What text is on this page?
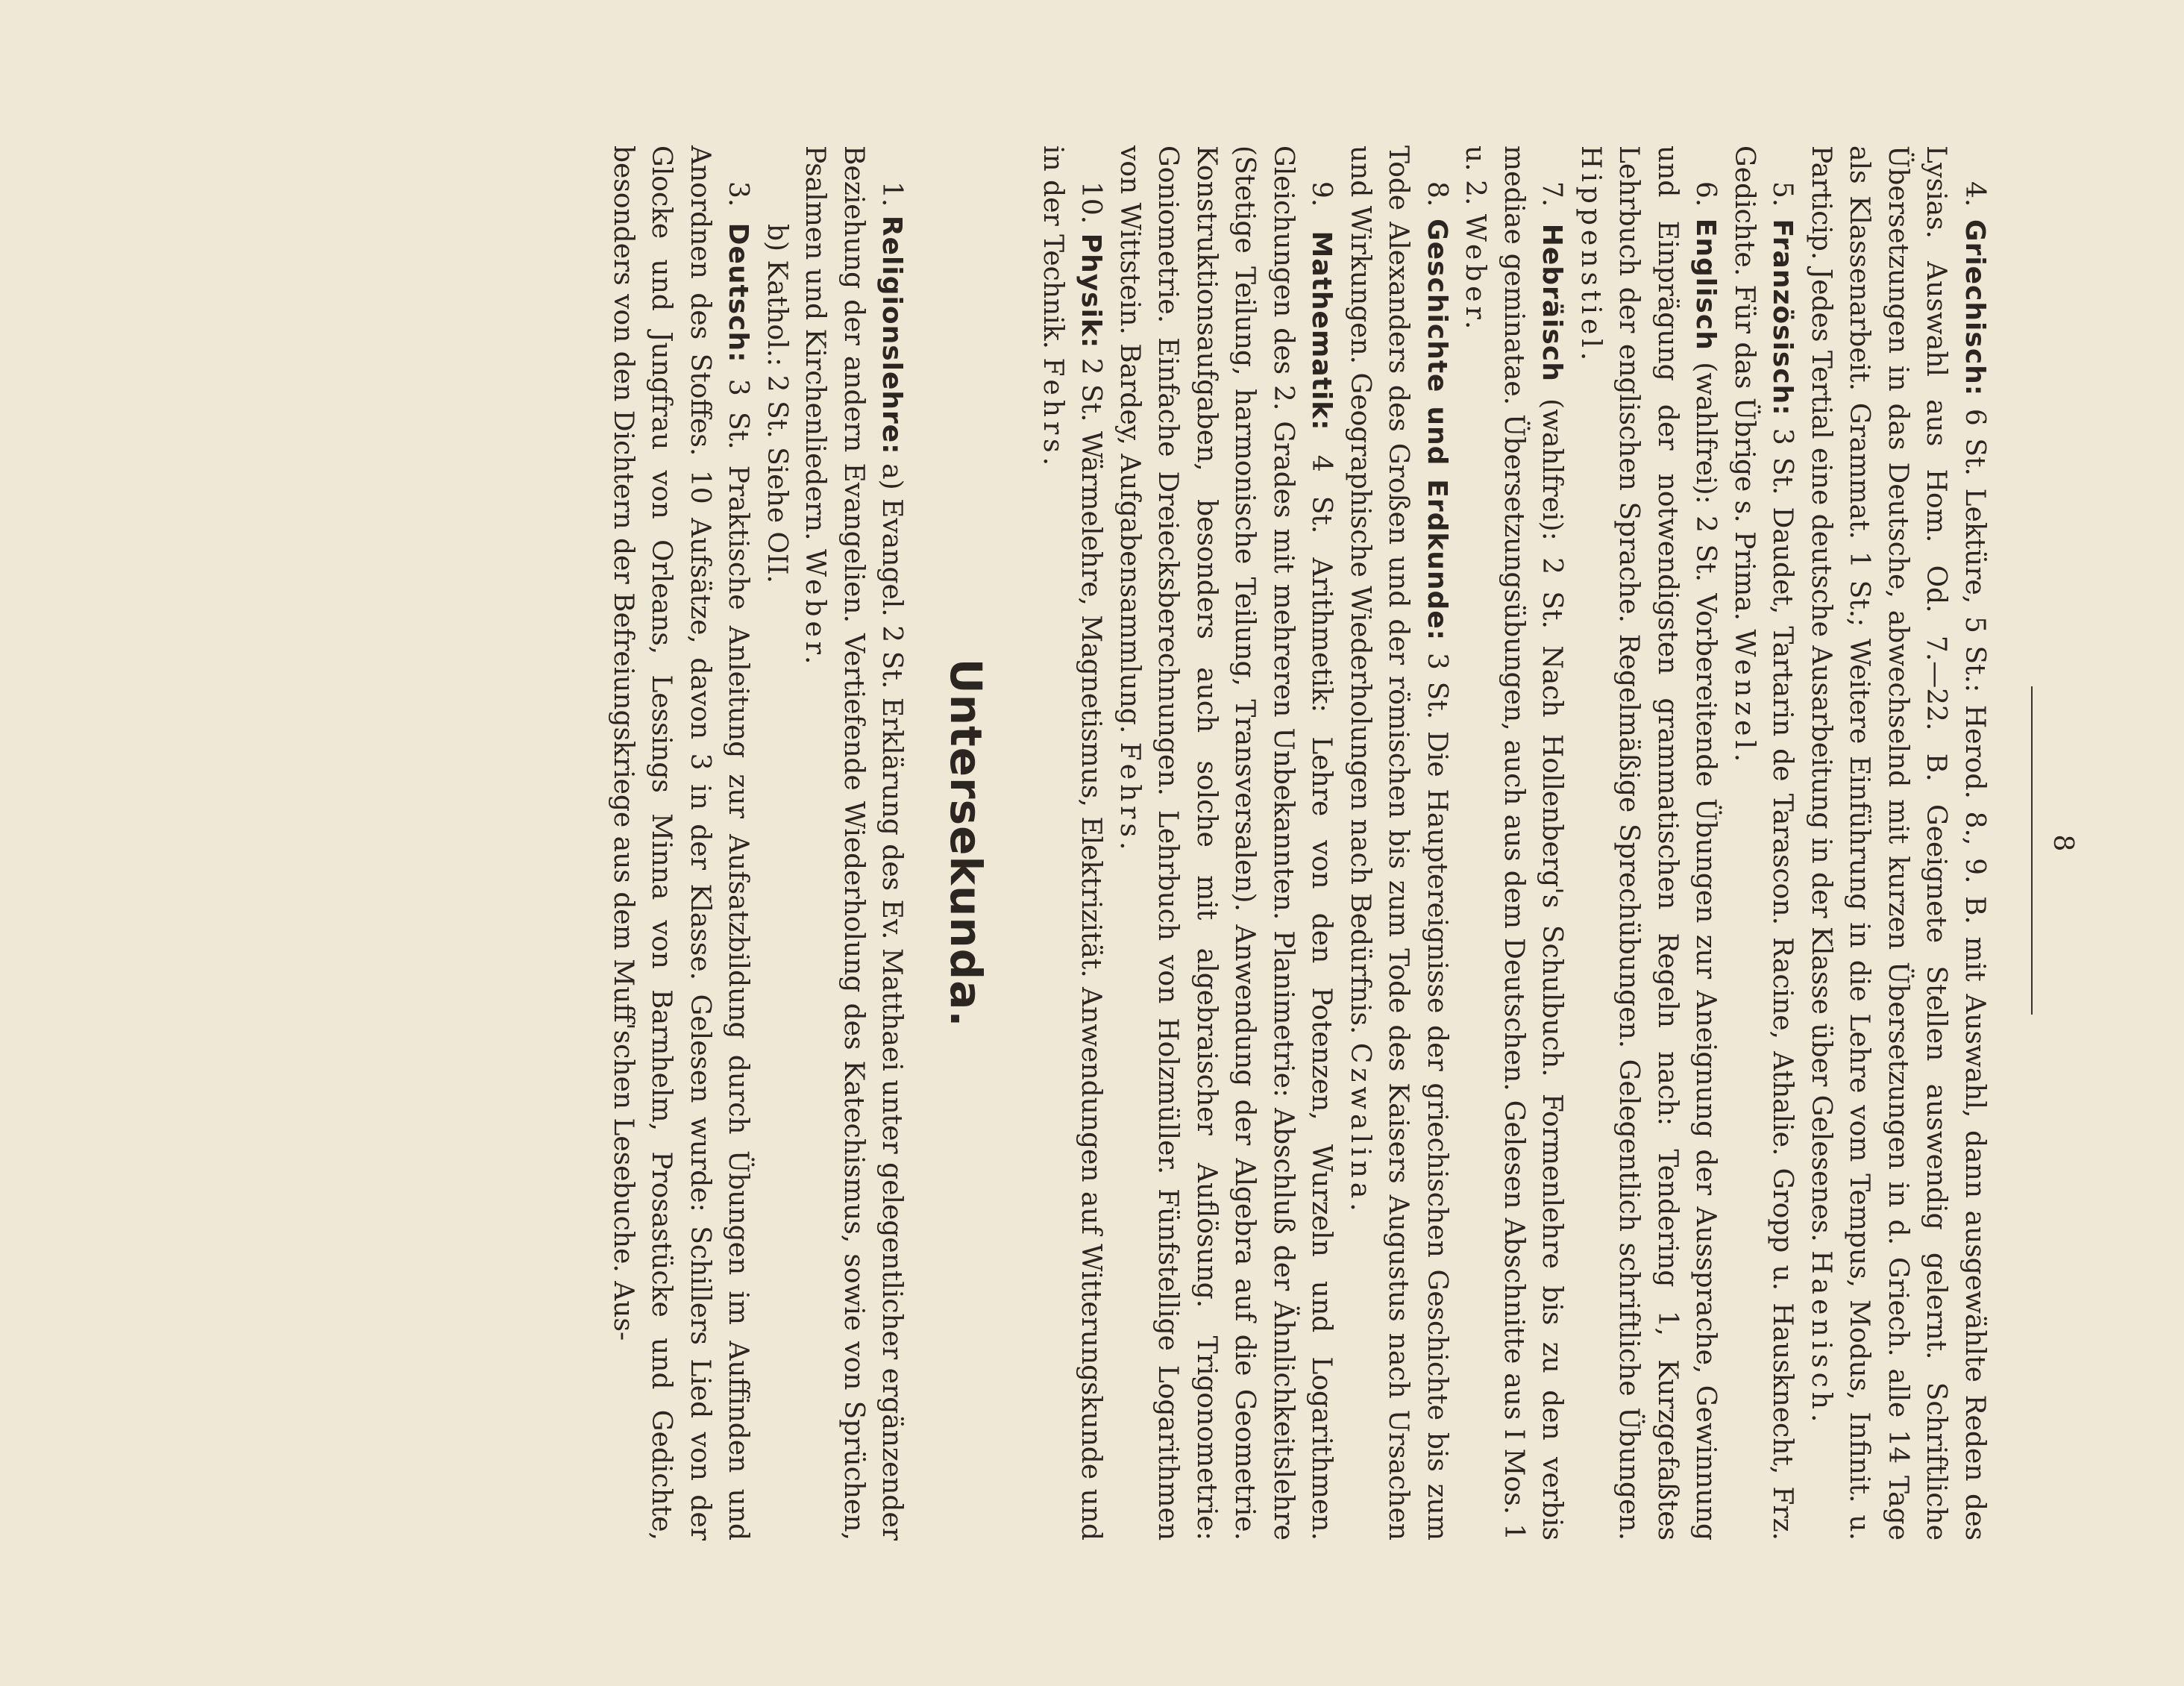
8

4. Griechisch: 6 St. Lektüre, 5 St.: Herod. 8., 9. B. mit Auswahl, dann ausgewählte Reden des Lysias. Auswahl aus Hom. Od. 7.—22. B. Geeignete Stellen auswendig gelernt. Schriftliche Übersetzungen in das Deutsche, abwechselnd mit kurzen Übersetzungen in d. Griech. alle 14 Tage als Klassenarbeit. Grammat. 1 St.; Weitere Einführung in die Lehre vom Tempus, Modus, Infinit. u. Particip. Jedes Tertial eine deutsche Ausarbeitung in der Klasse über Gelesenes. Haenisch.

5. Französisch: 3 St. Daudet, Tartarin de Tarascon. Racine, Athalie. Gropp u. Hausknecht, Frz. Gedichte. Für das Übrige s. Prima. Wenzel.

6. Englisch (wahlfrei): 2 St. Vorbereitende Übungen zur Aneignung der Aussprache, Gewinnung und Einprägung der notwendigsten grammatischen Regeln nach: Tendering 1, Kurzgefaßtes Lehrbuch der englischen Sprache. Regelmäßige Sprechübungen. Gelegentlich schriftliche Übungen. Hippenstiel.

7. Hebräisch (wahlfrei): 2 St. Nach Hollenberg's Schulbuch. Formenlehre bis zu den verbis mediae geminatae. Übersetzungsübungen, auch aus dem Deutschen. Gelesen Abschnitte aus I Mos. 1 u. 2. Weber.

8. Geschichte und Erdkunde: 3 St. Die Hauptereignisse der griechischen Geschichte bis zum Tode Alexanders des Großen und der römischen bis zum Tode des Kaisers Augustus nach Ursachen und Wirkungen. Geographische Wiederholungen nach Bedürfnis. Czwalina.

9. Mathematik: 4 St. Arithmetik: Lehre von den Potenzen, Wurzeln und Logarithmen. Gleichungen des 2. Grades mit mehreren Unbekannten. Planimetrie: Abschluß der Ähnlichkeitslehre (Stetige Teilung, harmonische Teilung, Transversalen). Anwendung der Algebra auf die Geometrie. Konstruktionsaufgaben, besonders auch solche mit algebraischer Auflösung. Trigonometrie: Goniometrie. Einfache Dreiecksberechnungen. Lehrbuch von Holzmüller. Fünfstellige Logarithmen von Wittstein. Bardey, Aufgabensammlung. Fehrs.

10. Physik: 2 St. Wärmelehre, Magnetismus, Elektrizität. Anwendungen auf Witterungskunde und in der Technik. Fehrs.

Untersekunda.

1. Religionslehre: a) Evangel. 2 St. Erklärung des Ev. Matthaei unter gelegentlicher ergänzender Beziehung der andern Evangelien. Vertiefende Wiederholung des Katechismus, sowie von Sprüchen, Psalmen und Kirchenliedern. Weber.

b) Kathol.: 2 St. Siehe OII.

3. Deutsch: 3 St. Praktische Anleitung zur Aufsatzbildung durch Übungen im Auffinden und Anordnen des Stoffes. 10 Aufsätze, davon 3 in der Klasse. Gelesen wurde: Schillers Lied von der Glocke und Jungfrau von Orleans, Lessings Minna von Barnhelm, Prosastücke und Gedichte, besonders von den Dichtern der Befreiungskriege aus dem Muff'schen Lesebuche. Aus-
